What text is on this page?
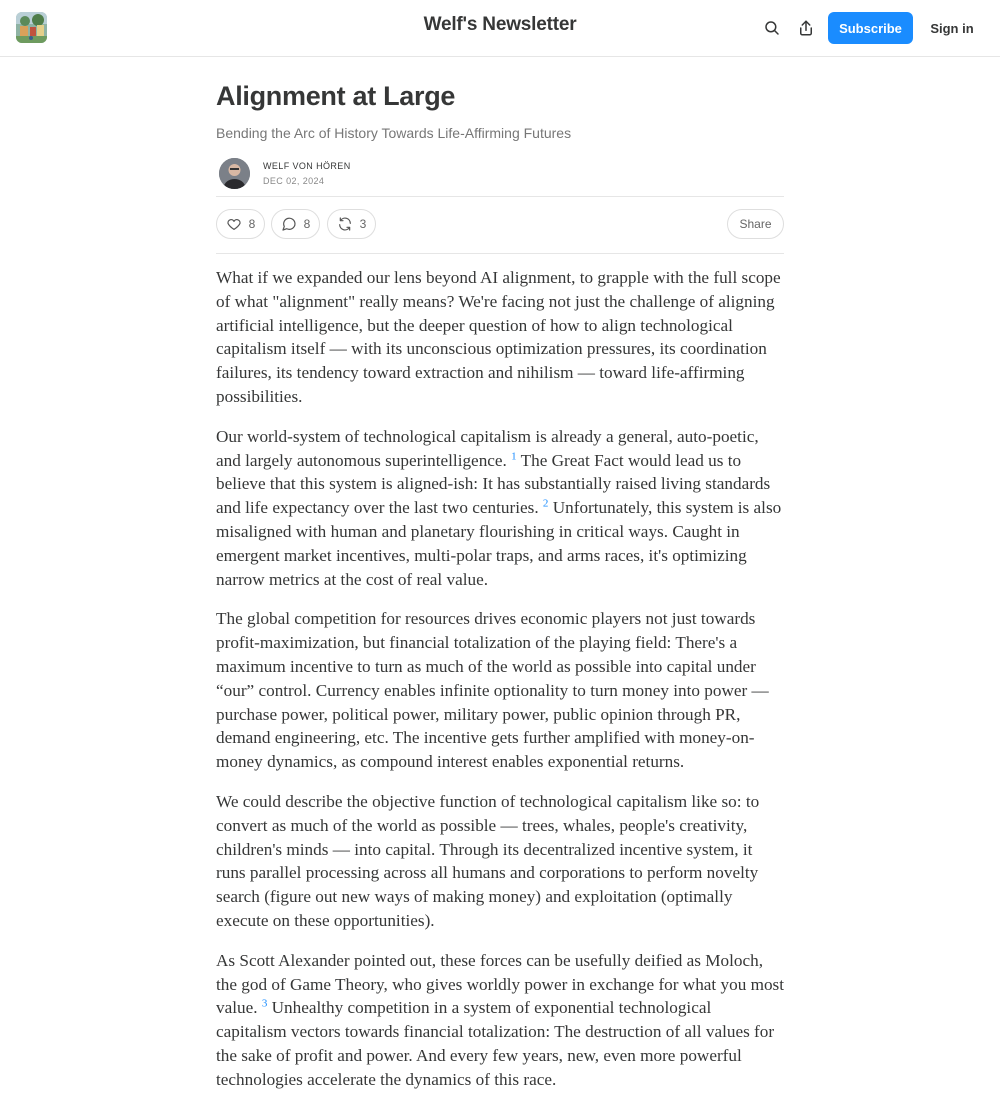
Welf's Newsletter	Subscribe	Sign in
Alignment at Large
Bending the Arc of History Towards Life-Affirming Futures
WELF VON HÖREN
DEC 02, 2024
8	8	3	Share

What if we expanded our lens beyond AI alignment, to grapple with the full scope of what "alignment" really means? We're facing not just the challenge of aligning artificial intelligence, but the deeper question of how to align technological capitalism itself — with its unconscious optimization pressures, its coordination failures, its tendency toward extraction and nihilism — toward life-affirming possibilities.

Our world-system of technological capitalism is already a general, auto-poetic, and largely autonomous superintelligence. $^1$ The Great Fact would lead us to believe that this system is aligned-ish: It has substantially raised living standards and life expectancy over the last two centuries. $^2$ Unfortunately, this system is also misaligned with human and planetary flourishing in critical ways. Caught in emergent market incentives, multi-polar traps, and arms races, it's optimizing narrow metrics at the cost of real value.

The global competition for resources drives economic players not just towards profit-maximization, but financial totalization of the playing field: There's a maximum incentive to turn as much of the world as possible into capital under “our” control. Currency enables infinite optionality to turn money into power — purchase power, political power, military power, public opinion through PR, demand engineering, etc. The incentive gets further amplified with money-on-money dynamics, as compound interest enables exponential returns.

We could describe the objective function of technological capitalism like so: to convert as much of the world as possible — trees, whales, people's creativity, children's minds — into capital. Through its decentralized incentive system, it runs parallel processing across all humans and corporations to perform novelty search (figure out new ways of making money) and exploitation (optimally execute on these opportunities).

As Scott Alexander pointed out, these forces can be usefully deified as Moloch, the god of Game Theory, who gives worldly power in exchange for what you most value. $^3$ Unhealthy competition in a system of exponential technological capitalism vectors towards financial totalization: The destruction of all values for the sake of profit and power. And every few years, new, even more powerful technologies accelerate the dynamics of this race.
